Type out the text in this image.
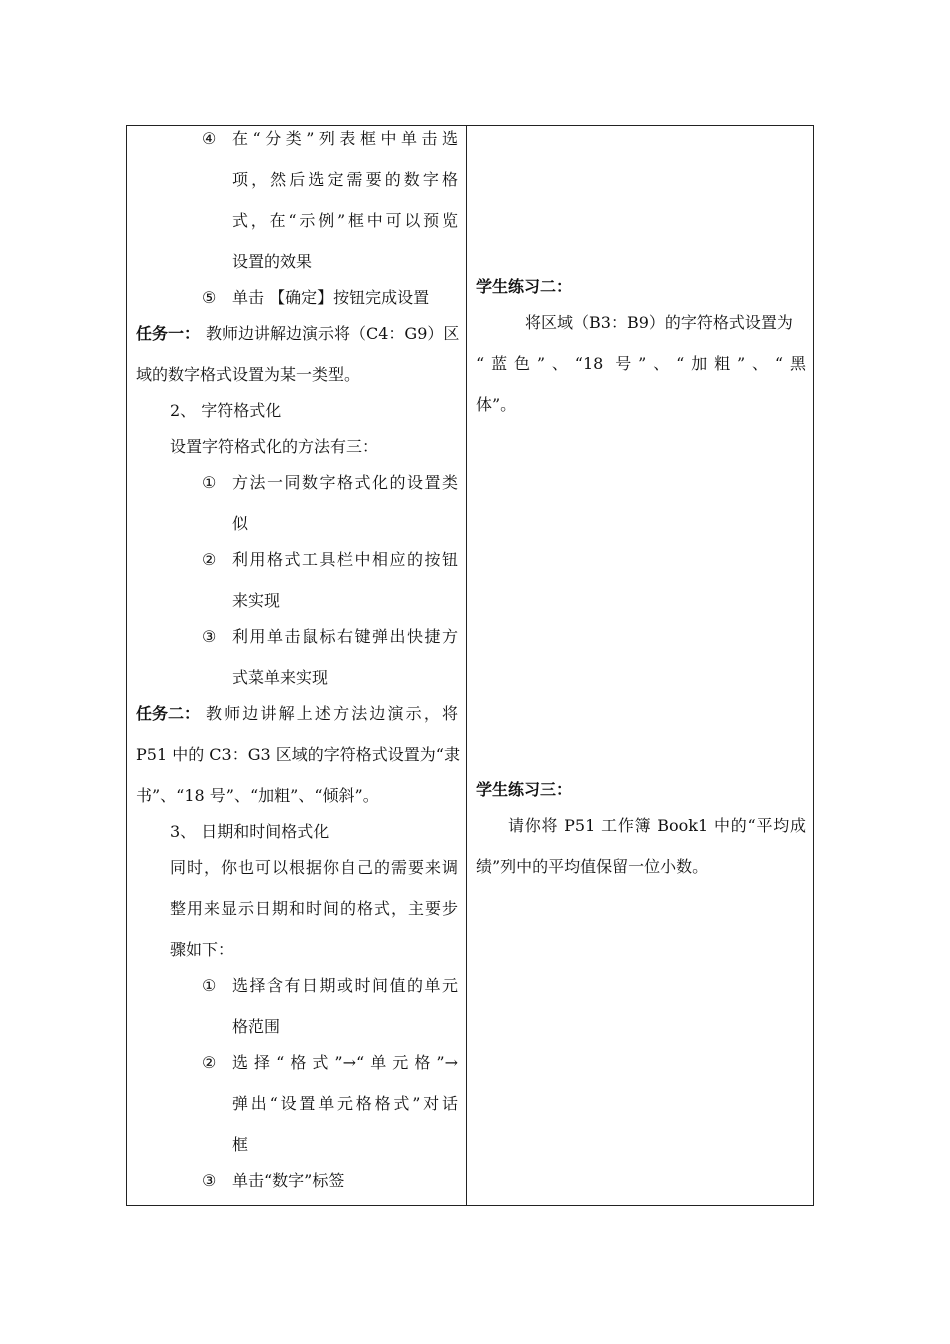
④ 在“分类”列表框中单击选
项，然后选定需要的数字格
式，在“示例”框中可以预览
设置的效果
⑤ 单击 【确定】按钮完成设置
任务一： 教师边讲解边演示将（C4：G9）区
域的数字格式设置为某一类型。
2、 字符格式化
设置字符格式化的方法有三：
① 方法一同数字格式化的设置类
似
② 利用格式工具栏中相应的按钮
来实现
③ 利用单击鼠标右键弹出快捷方
式菜单来实现
任务二： 教师边讲解上述方法边演示，将
P51 中的 C3：G3 区域的字符格式设置为“隶
书”、“18 号”、“加粗”、“倾斜”。
3、 日期和时间格式化
同时，你也可以根据你自己的需要来调
整用来显示日期和时间的格式，主要步
骤如下：
① 选择含有日期或时间值的单元
格范围
② 选择“格式”→“单元格”→
弹出“设置单元格格式”对话
框
③ 单击“数字”标签
学生练习二：
将区域（B3：B9）的字符格式设置为
“蓝色”、“18 号”、“加粗”、“黑
体”。
学生练习三：
请你将 P51 工作簿 Book1 中的“平均成
绩”列中的平均值保留一位小数。
